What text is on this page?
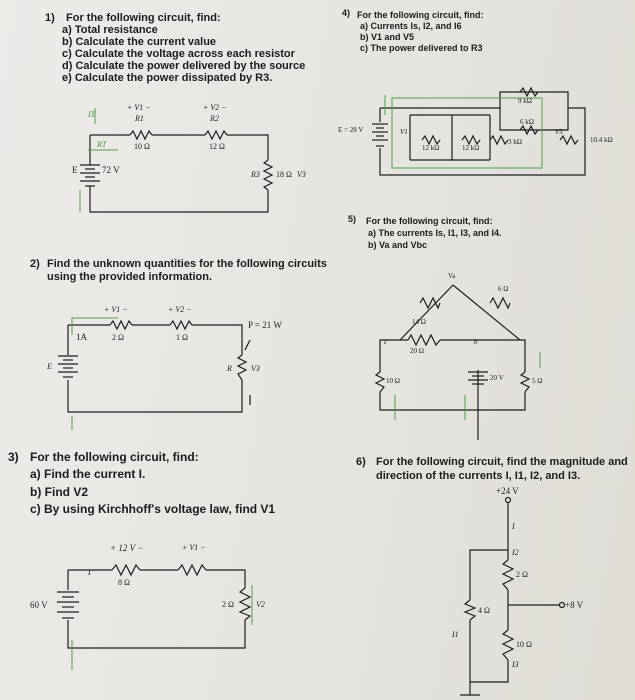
1) For the following circuit, find:
a) Total resistance
b) Calculate the current value
c) Calculate the voltage across each resistor
d) Calculate the power delivered by the source
e) Calculate the power dissipated by R3.
E	72 V
+ V1 −
R1
10 Ω
+ V2 −
R2
12 Ω
R3 18 Ω V3
RT
IT
2) Find the unknown quantities for the following circuits
using the provided information.
1A
E
+ V1 −
2 Ω
+ V2 −
1 Ω
P = 21 W
R V3
3) For the following circuit, find:
a) Find the current I.
b) Find V2
c) By using Kirchhoff's voltage law, find V1
+ 12 V −	+ V1 −
8 Ω
I
60 V	2 Ω	V2
4) For the following circuit, find:
a) Currents Is, I2, and I6
b) V1 and V5
c) The power delivered to R3
E = 28 V	V1	V5
12 kΩ	12 kΩ
3 kΩ
9 kΩ
6 kΩ
10.4 kΩ
5) For the following circuit, find:
a) The currents Is, I1, I3, and I4.
b) Va and Vbc
Va
14 Ω
6 Ω
20 Ω
10 Ω	5 Ω
20 V
b
c
6) For the following circuit, find the magnitude and
direction of the currents I, I1, I2, and I3.
+24 V
I
I2
2 Ω
+8 V
4 Ω
I1
10 Ω
I3
